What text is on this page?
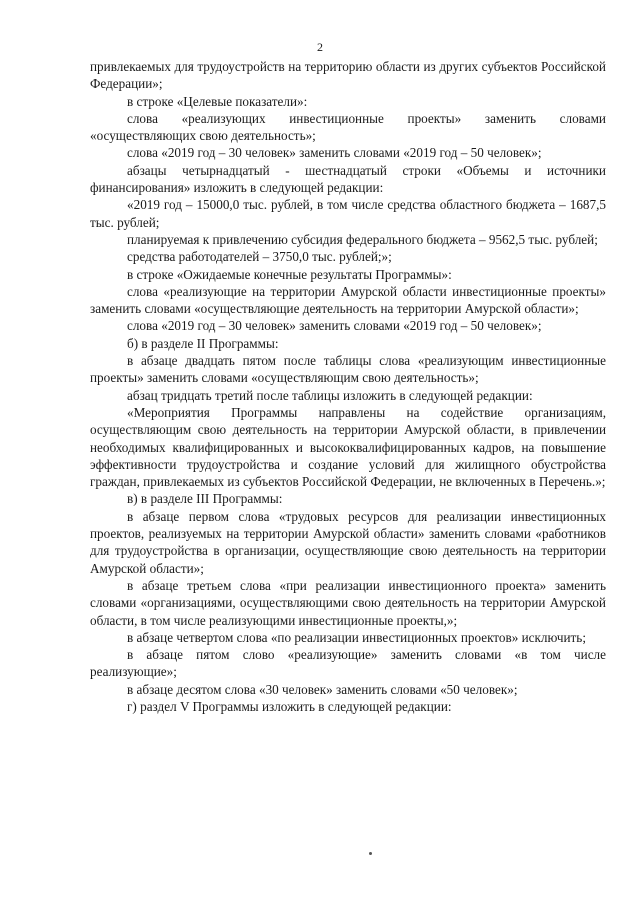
2

привлекаемых для трудоустройств на территорию области из других субъектов Российской Федерации»;

в строке «Целевые показатели»:

слова «реализующих инвестиционные проекты» заменить словами «осуществляющих свою деятельность»;

слова «2019 год – 30 человек» заменить словами «2019 год – 50 человек»;

абзацы четырнадцатый - шестнадцатый строки «Объемы и источники финансирования» изложить в следующей редакции:

«2019 год – 15000,0 тыс. рублей, в том числе средства областного бюджета – 1687,5 тыс. рублей;

планируемая к привлечению субсидия федерального бюджета – 9562,5 тыс. рублей;

средства работодателей – 3750,0 тыс. рублей;»;

в строке «Ожидаемые конечные результаты Программы»:

слова «реализующие на территории Амурской области инвестиционные проекты» заменить словами «осуществляющие деятельность на территории Амурской области»;

слова «2019 год – 30 человек» заменить словами «2019 год – 50 человек»;

б) в разделе II Программы:

в абзаце двадцать пятом после таблицы слова «реализующим инвестиционные проекты» заменить словами «осуществляющим свою деятельность»;

абзац тридцать третий после таблицы изложить в следующей редакции:

«Мероприятия Программы направлены на содействие организациям, осуществляющим свою деятельность на территории Амурской области, в привлечении необходимых квалифицированных и высококвалифицированных кадров, на повышение эффективности трудоустройства и создание условий для жилищного обустройства граждан, привлекаемых из субъектов Российской Федерации, не включенных в Перечень.»;

в) в разделе III Программы:

в абзаце первом слова «трудовых ресурсов для реализации инвестиционных проектов, реализуемых на территории Амурской области» заменить словами «работников для трудоустройства в организации, осуществляющие свою деятельность на территории Амурской области»;

в абзаце третьем слова «при реализации инвестиционного проекта» заменить словами «организациями, осуществляющими свою деятельность на территории Амурской области, в том числе реализующими инвестиционные проекты,»;

в абзаце четвертом слова «по реализации инвестиционных проектов» исключить;

в абзаце пятом слово «реализующие» заменить словами «в том числе реализующие»;

в абзаце десятом слова «30 человек» заменить словами «50 человек»;

г) раздел V Программы изложить в следующей редакции:
